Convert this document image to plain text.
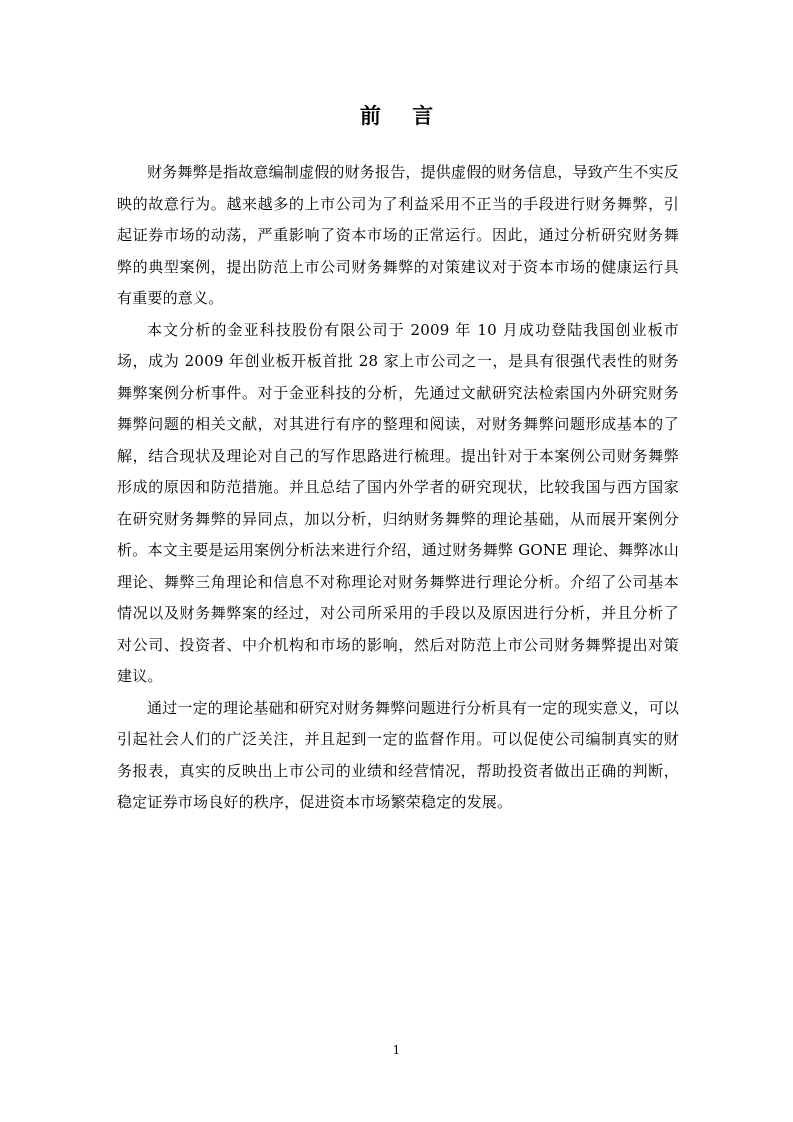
前 言

财务舞弊是指故意编制虚假的财务报告，提供虚假的财务信息，导致产生不实反映的故意行为。越来越多的上市公司为了利益采用不正当的手段进行财务舞弊，引起证券市场的动荡，严重影响了资本市场的正常运行。因此，通过分析研究财务舞弊的典型案例，提出防范上市公司财务舞弊的对策建议对于资本市场的健康运行具有重要的意义。

本文分析的金亚科技股份有限公司于 2009 年 10 月成功登陆我国创业板市场，成为 2009 年创业板开板首批 28 家上市公司之一，是具有很强代表性的财务舞弊案例分析事件。对于金亚科技的分析，先通过文献研究法检索国内外研究财务舞弊问题的相关文献，对其进行有序的整理和阅读，对财务舞弊问题形成基本的了解，结合现状及理论对自己的写作思路进行梳理。提出针对于本案例公司财务舞弊形成的原因和防范措施。并且总结了国内外学者的研究现状，比较我国与西方国家在研究财务舞弊的异同点，加以分析，归纳财务舞弊的理论基础，从而展开案例分析。本文主要是运用案例分析法来进行介绍，通过财务舞弊 GONE 理论、舞弊冰山理论、舞弊三角理论和信息不对称理论对财务舞弊进行理论分析。介绍了公司基本情况以及财务舞弊案的经过，对公司所采用的手段以及原因进行分析，并且分析了对公司、投资者、中介机构和市场的影响，然后对防范上市公司财务舞弊提出对策建议。

通过一定的理论基础和研究对财务舞弊问题进行分析具有一定的现实意义，可以引起社会人们的广泛关注，并且起到一定的监督作用。可以促使公司编制真实的财务报表，真实的反映出上市公司的业绩和经营情况，帮助投资者做出正确的判断，稳定证券市场良好的秩序，促进资本市场繁荣稳定的发展。

1
